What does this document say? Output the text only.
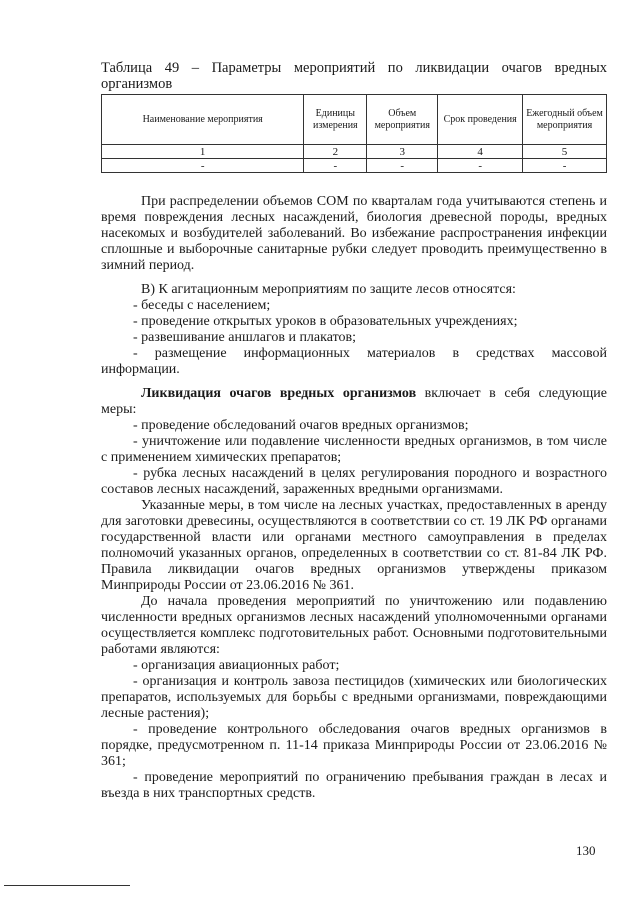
Таблица 49 – Параметры мероприятий по ликвидации очагов вредных организмов
Наименование мероприятия	Единицы измерения	Объем мероприятия	Срок проведения	Ежегодный объем мероприятия
1	2	3	4	5
-	-	-	-	-

При распределении объемов СОМ по кварталам года учитываются степень и время повреждения лесных насаждений, биология древесной породы, вредных насекомых и возбудителей заболеваний. Во избежание распространения инфекции сплошные и выборочные санитарные рубки следует проводить преимущественно в зимний период.

В) К агитационным мероприятиям по защите лесов относятся:

- беседы с населением;

- проведение открытых уроков в образовательных учреждениях;

- развешивание аншлагов и плакатов;

- размещение информационных материалов в средствах массовой информации.

Ликвидация очагов вредных организмов включает в себя следующие меры:

- проведение обследований очагов вредных организмов;

- уничтожение или подавление численности вредных организмов, в том числе с применением химических препаратов;

- рубка лесных насаждений в целях регулирования породного и возрастного составов лесных насаждений, зараженных вредными организмами.

Указанные меры, в том числе на лесных участках, предоставленных в аренду для заготовки древесины, осуществляются в соответствии со ст. 19 ЛК РФ органами государственной власти или органами местного самоуправления в пределах полномочий указанных органов, определенных в соответствии со ст. 81-84 ЛК РФ. Правила ликвидации очагов вредных организмов утверждены приказом Минприроды России от 23.06.2016 № 361.

До начала проведения мероприятий по уничтожению или подавлению численности вредных организмов лесных насаждений уполномоченными органами осуществляется комплекс подготовительных работ. Основными подготовительными работами являются:

- организация авиационных работ;

- организация и контроль завоза пестицидов (химических или биологических препаратов, используемых для борьбы с вредными организмами, повреждающими лесные растения);

- проведение контрольного обследования очагов вредных организмов в порядке, предусмотренном п. 11-14 приказа Минприроды России от 23.06.2016 № 361;

- проведение мероприятий по ограничению пребывания граждан в лесах и въезда в них транспортных средств.

130
